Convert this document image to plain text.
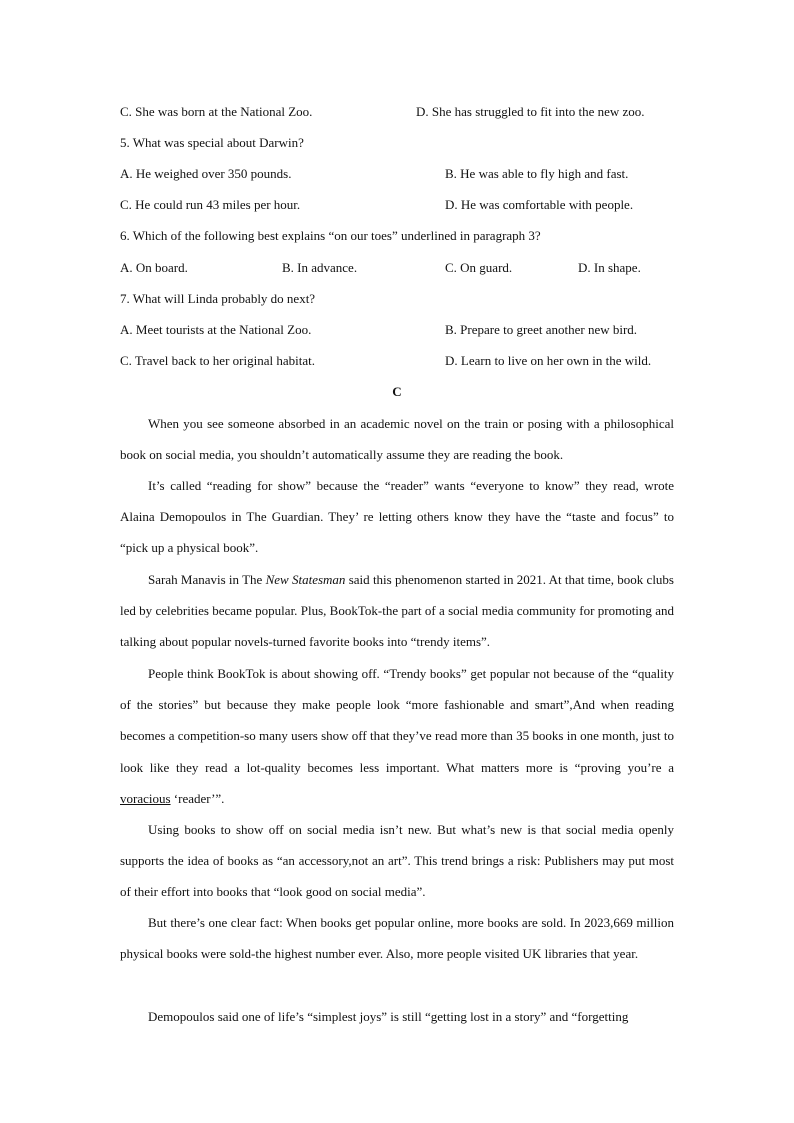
C. She was born at the National Zoo.	D. She has struggled to fit into the new zoo.
5. What was special about Darwin?
A. He weighed over 350 pounds.	B. He was able to fly high and fast.
C. He could run 43 miles per hour.	D. He was comfortable with people.
6. Which of the following best explains “on our toes” underlined in paragraph 3?
A. On board.	B. In advance.	C. On guard.	D. In shape.
7. What will Linda probably do next?
A. Meet tourists at the National Zoo.	B. Prepare to greet another new bird.
C. Travel back to her original habitat.	D. Learn to live on her own in the wild.
C

When you see someone absorbed in an academic novel on the train or posing with a philosophical book on social media, you shouldn’t automatically assume they are reading the book.

It’s called “reading for show” because the “reader” wants “everyone to know” they read, wrote Alaina Demopoulos in The Guardian. They’ re letting others know they have the “taste and focus” to “pick up a physical book”.

Sarah Manavis in The New Statesman said this phenomenon started in 2021. At that time, book clubs led by celebrities became popular. Plus, BookTok-the part of a social media community for promoting and talking about popular novels-turned favorite books into “trendy items”.

People think BookTok is about showing off. “Trendy books” get popular not because of the “quality of the stories” but because they make people look “more fashionable and smart”,And when reading becomes a competition-so many users show off that they’ve read more than 35 books in one month, just to look like they read a lot-quality becomes less important. What matters more is “proving you’re a voracious ‘reader’”.

Using books to show off on social media isn’t new. But what’s new is that social media openly supports the idea of books as “an accessory,not an art”. This trend brings a risk: Publishers may put most of their effort into books that “look good on social media”.

But there’s one clear fact: When books get popular online, more books are sold. In 2023,669 million physical books were sold-the highest number ever. Also, more people visited UK libraries that year.

Demopoulos said one of life’s “simplest joys” is still “getting lost in a story” and “forgetting
